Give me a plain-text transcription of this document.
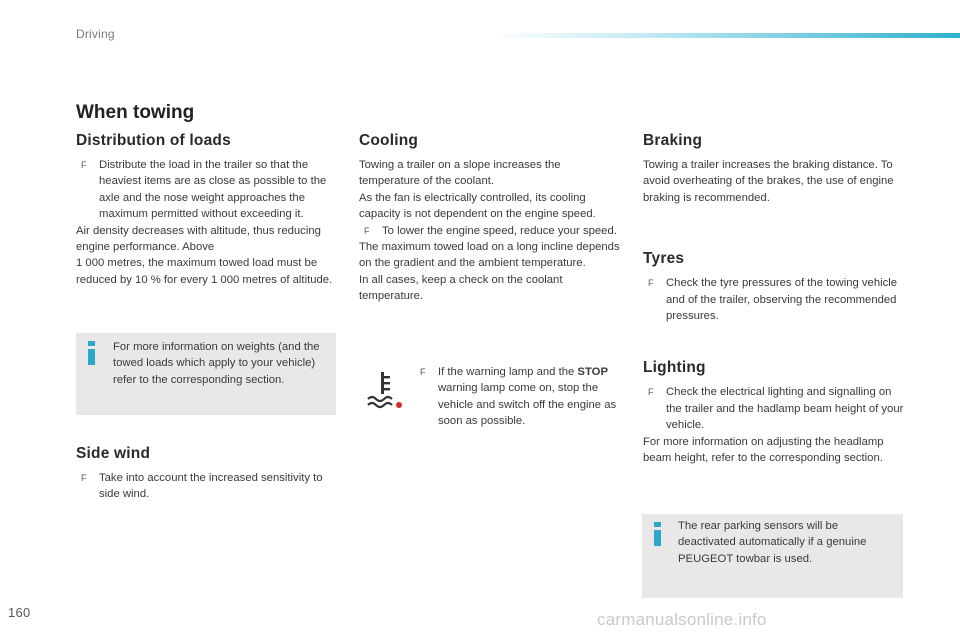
Driving
When towing
Distribution of loads

F Distribute the load in the trailer so that the heaviest items are as close as possible to the axle and the nose weight approaches the maximum permitted without exceeding it.

Air density decreases with altitude, thus reducing engine performance. Above

1 000 metres, the maximum towed load must be reduced by 10 % for every 1 000 metres of altitude.

For more information on weights (and the towed loads which apply to your vehicle) refer to the corresponding section.
Side wind

F Take into account the increased sensitivity to side wind.

Cooling

Towing a trailer on a slope increases the temperature of the coolant.

As the fan is electrically controlled, its cooling capacity is not dependent on the engine speed.

F To lower the engine speed, reduce your speed.

The maximum towed load on a long incline depends on the gradient and the ambient temperature.

In all cases, keep a check on the coolant temperature.

F If the warning lamp and the STOP warning lamp come on, stop the vehicle and switch off the engine as soon as possible.

Braking

Towing a trailer increases the braking distance. To avoid overheating of the brakes, the use of engine braking is recommended.

Tyres

F Check the tyre pressures of the towing vehicle and of the trailer, observing the recommended pressures.

Lighting

F Check the electrical lighting and signalling on the trailer and the hadlamp beam height of your vehicle.

For more information on adjusting the headlamp beam height, refer to the corresponding section.

The rear parking sensors will be deactivated automatically if a genuine PEUGEOT towbar is used.
160	carmanualsonline.info
